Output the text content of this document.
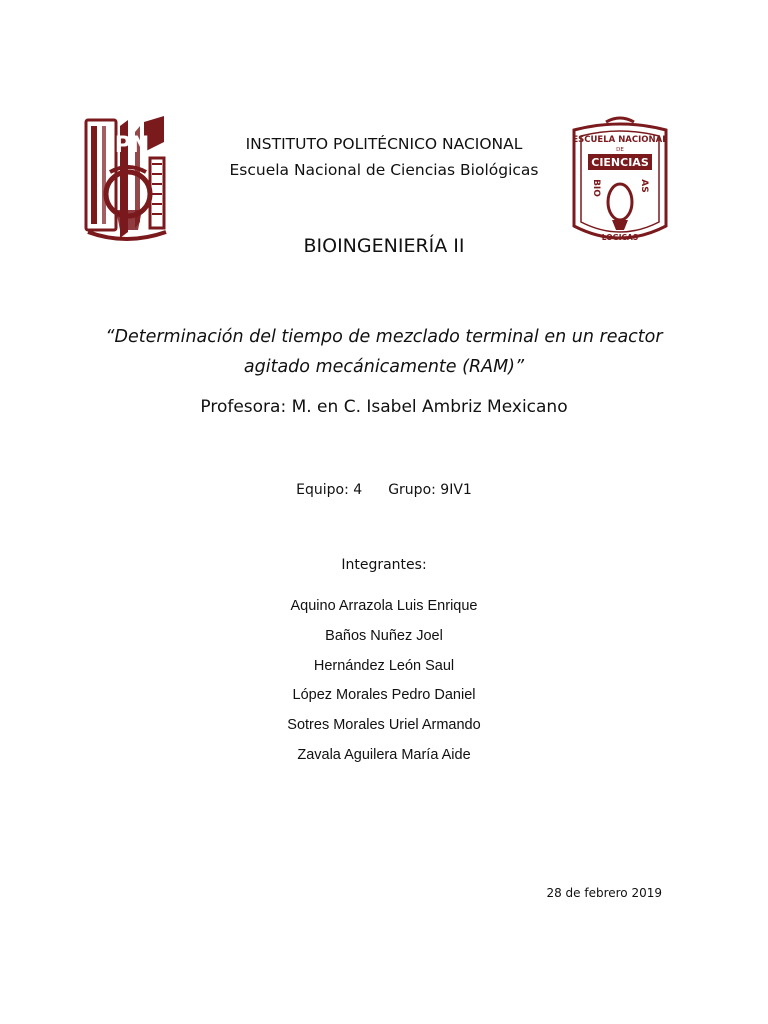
IPN	ESCUELA NACIONAL
DE
CIENCIAS
BIO	AS
LOGICAS
INSTITUTO POLITÉCNICO NACIONAL
Escuela Nacional de Ciencias Biológicas
BIOINGENIERÍA II
“Determinación del tiempo de mezclado terminal en un reactor
agitado mecánicamente (RAM)”
Profesora: M. en C. Isabel Ambriz Mexicano
Equipo: 4 Grupo: 9IV1
Integrantes:
Aquino Arrazola Luis Enrique
Baños Nuñez Joel
Hernández León Saul
López Morales Pedro Daniel
Sotres Morales Uriel Armando
Zavala Aguilera María Aide
28 de febrero 2019
